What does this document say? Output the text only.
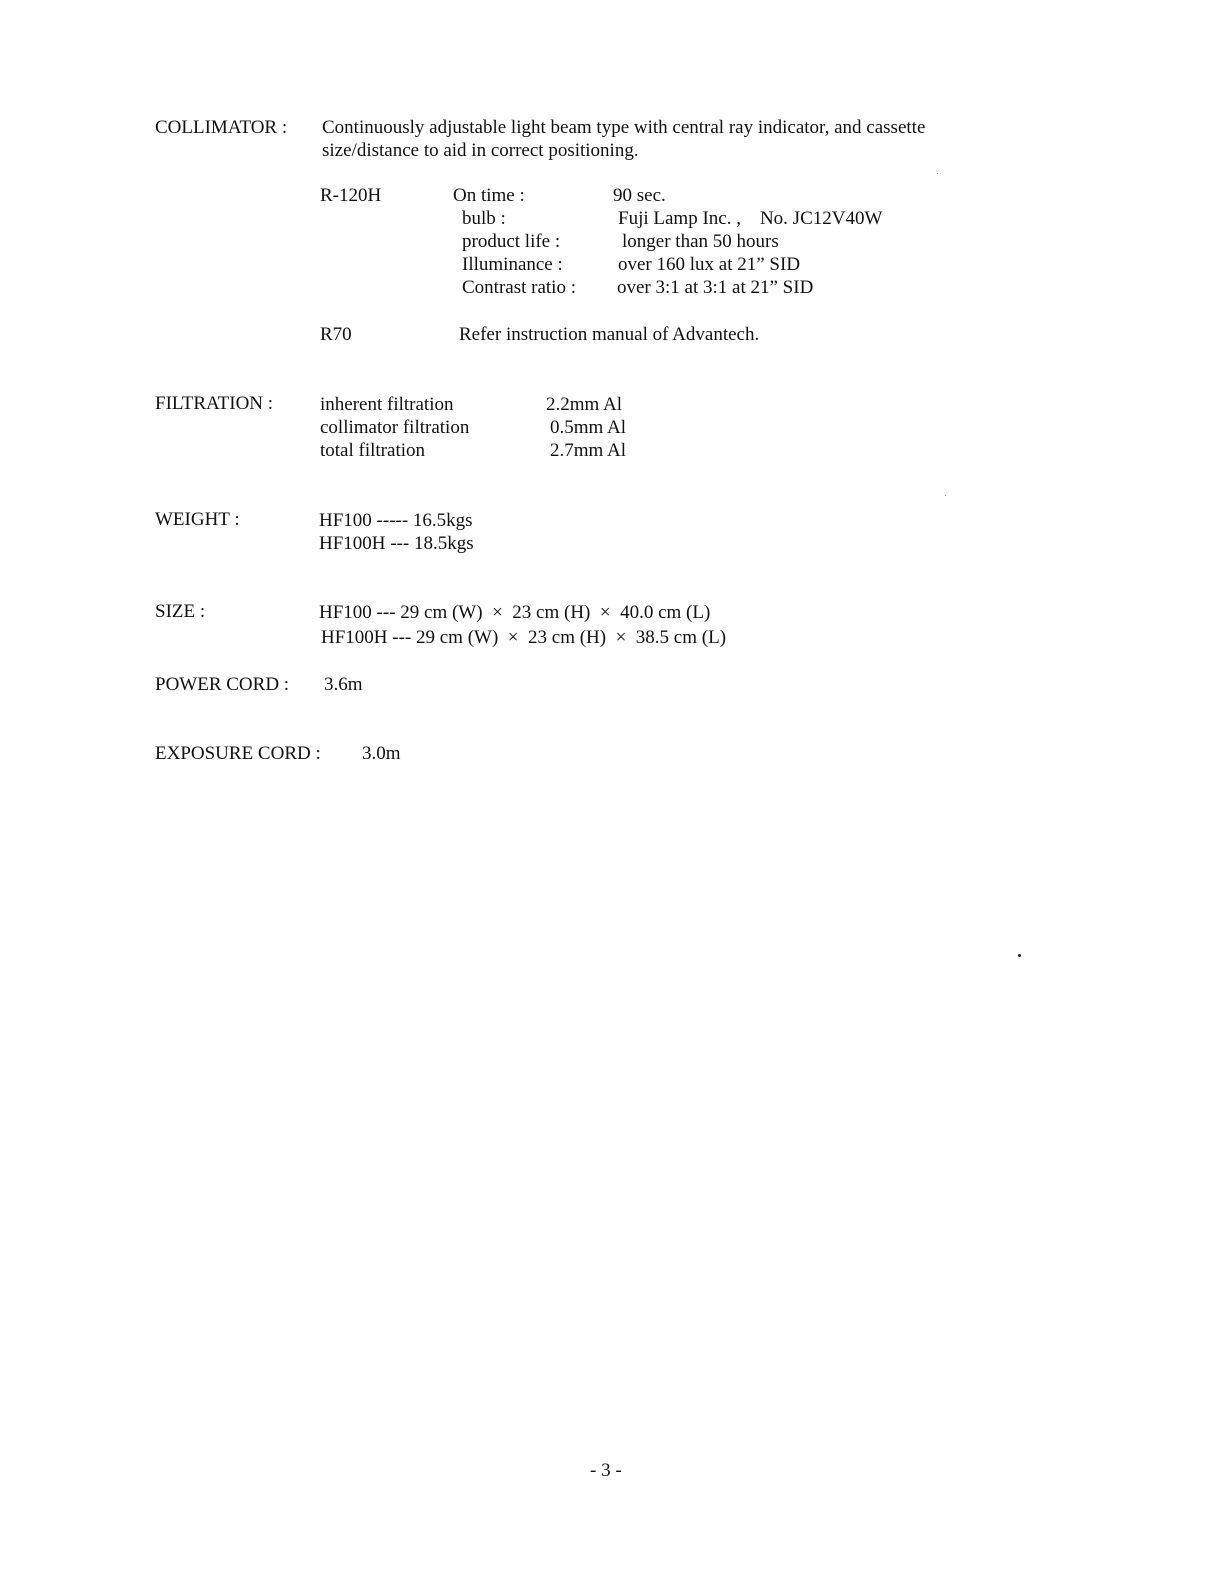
COLLIMATOR : Continuously adjustable light beam type with central ray indicator, and cassette
size/distance to aid in correct positioning.
R-120H	On time :	90 sec.
bulb :	Fuji Lamp Inc. ,    No. JC12V40W
product life :	longer than 50 hours
Illuminance :	over 160 lux at 21” SID
Contrast ratio : over 3:1 at 3:1 at 21” SID
R70	Refer instruction manual of Advantech.
FILTRATION : inherent filtration	2.2mm Al
collimator filtration	0.5mm Al
total filtration	2.7mm Al
WEIGHT :	HF100 ----- 16.5kgs
HF100H --- 18.5kgs
SIZE :	HF100 --- 29 cm (W)  ×  23 cm (H)  ×  40.0 cm (L)
HF100H --- 29 cm (W)  ×  23 cm (H)  ×  38.5 cm (L)
POWER CORD : 3.6m
EXPOSURE CORD : 3.0m
- 3 -
